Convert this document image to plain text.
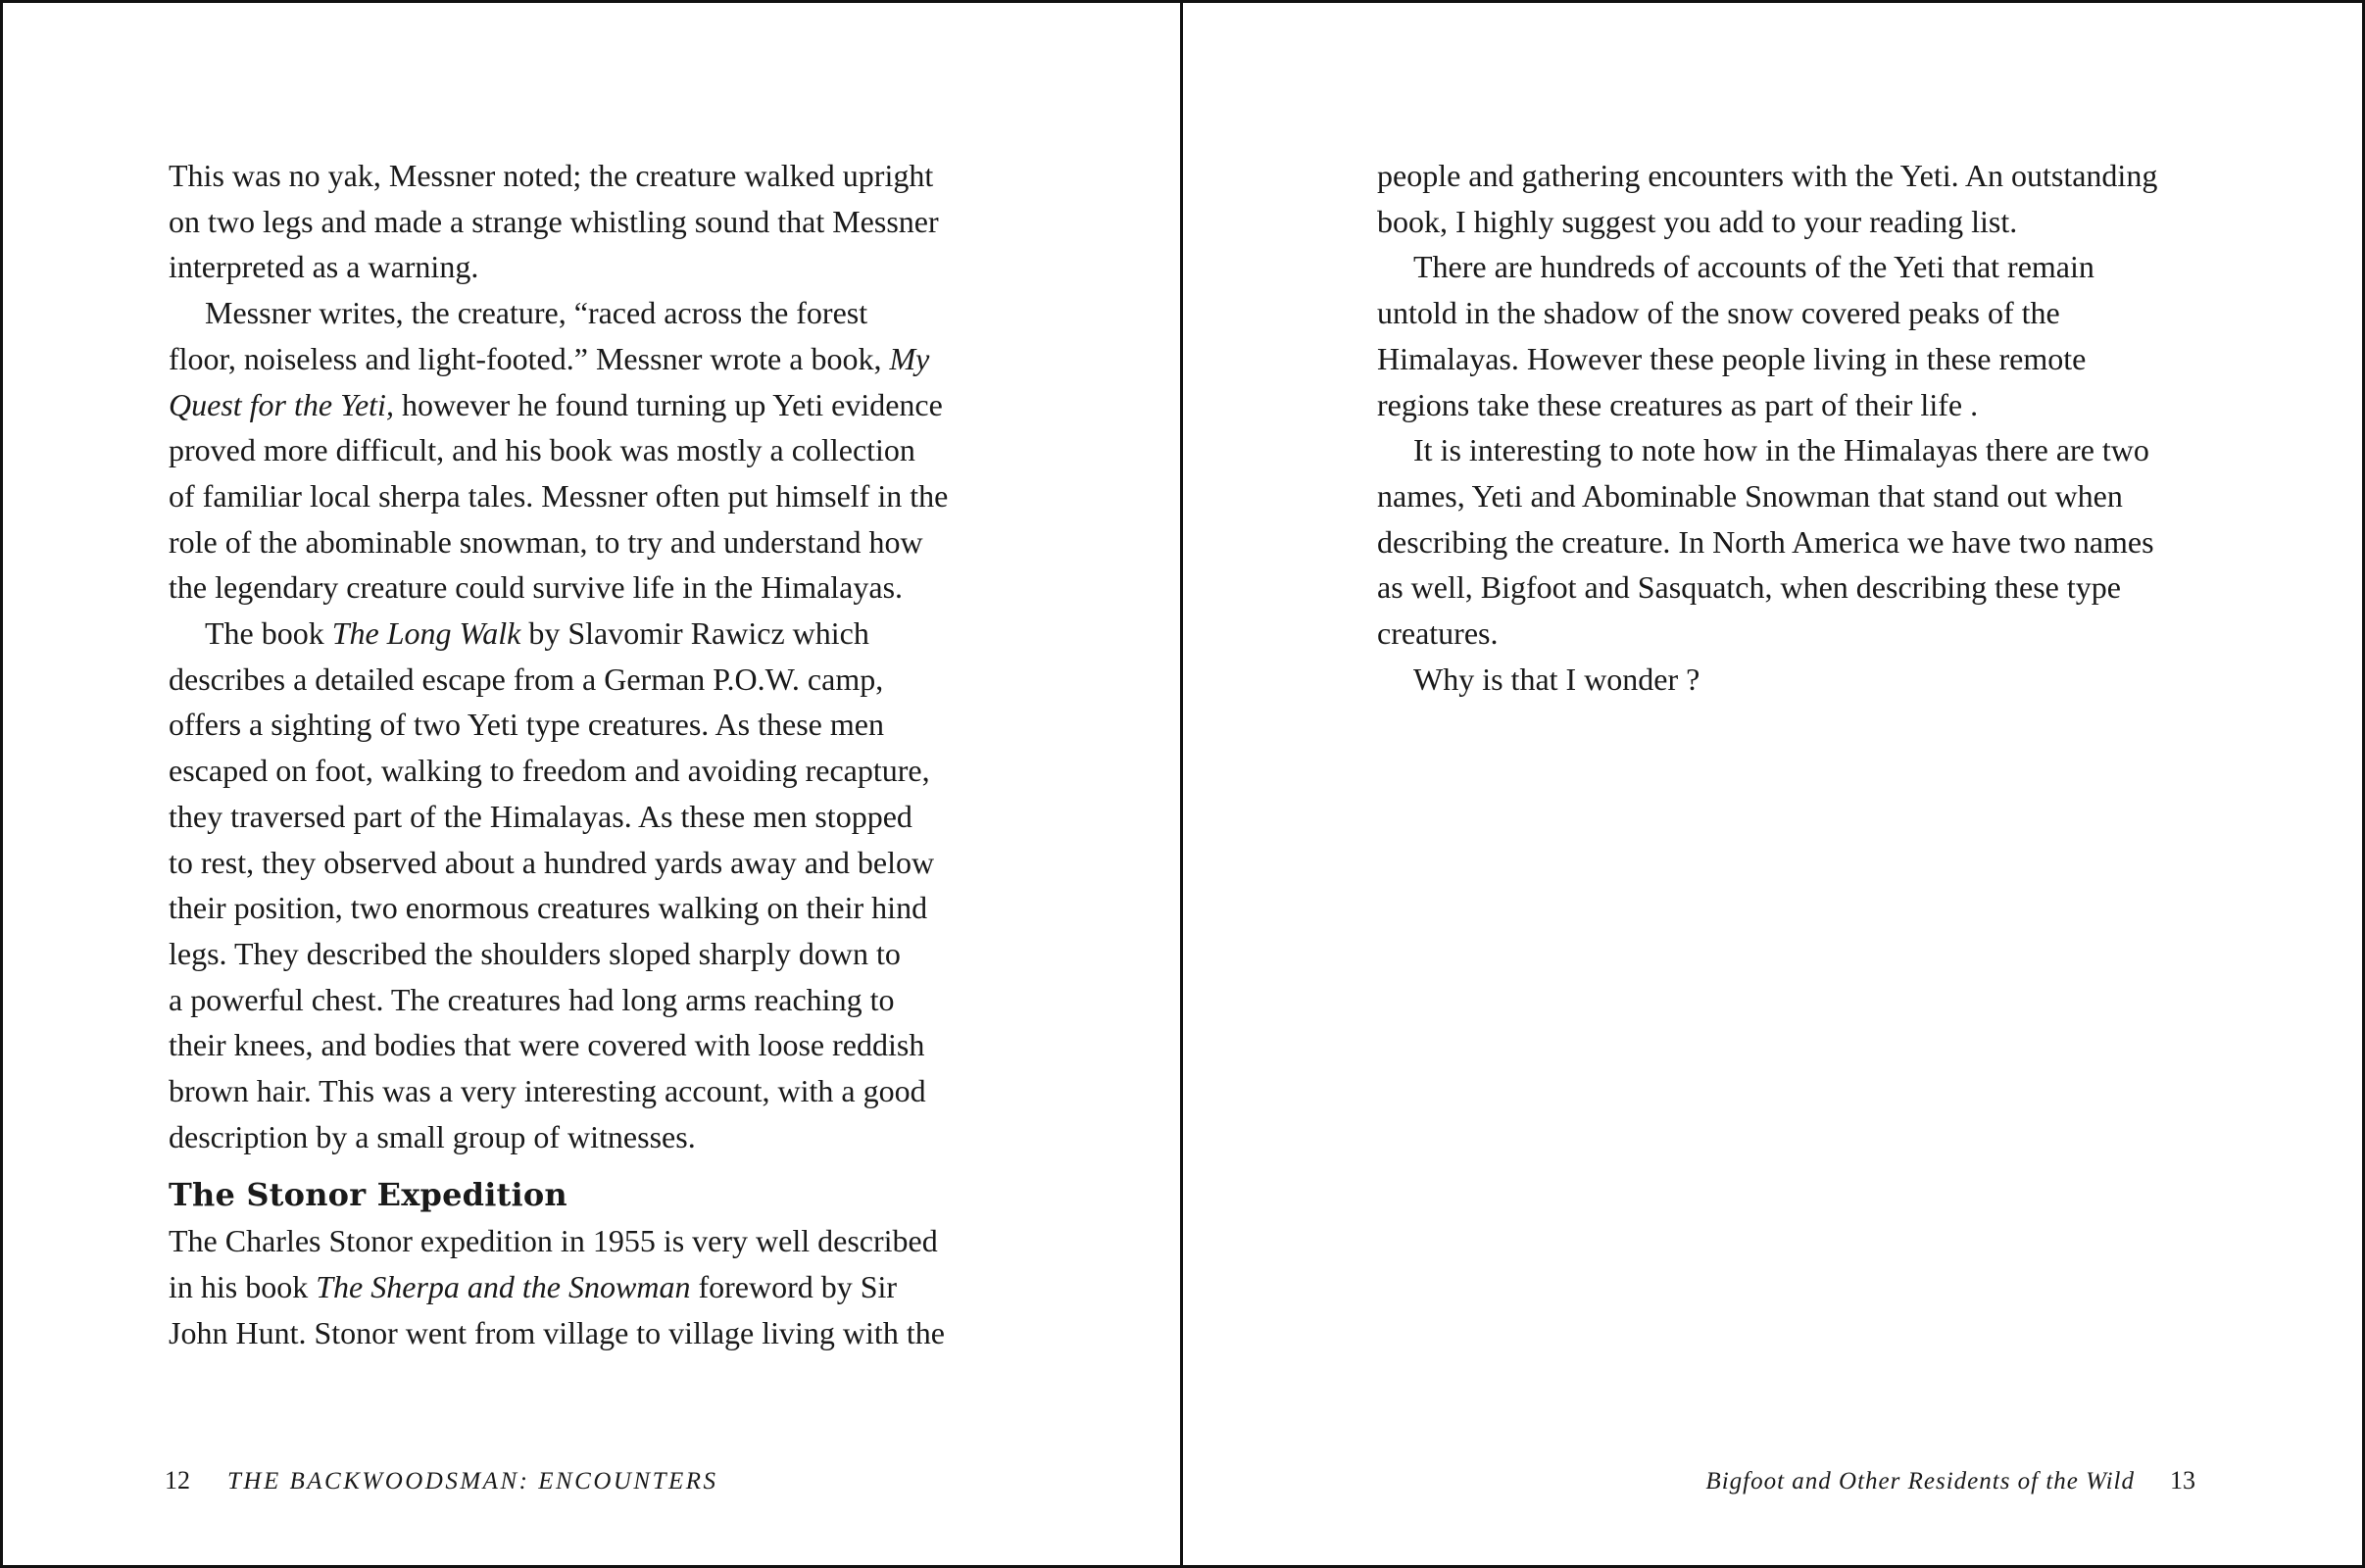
This was no yak, Messner noted; the creature walked upright
on two legs and made a strange whistling sound that Messner
interpreted as a warning.
Messner writes, the creature, “raced across the forest
floor, noiseless and light-footed.” Messner wrote a book, My
Quest for the Yeti, however he found turning up Yeti evidence
proved more difficult, and his book was mostly a collection
of familiar local sherpa tales. Messner often put himself in the
role of the abominable snowman, to try and understand how
the legendary creature could survive life in the Himalayas.
The book The Long Walk by Slavomir Rawicz which
describes a detailed escape from a German P.O.W. camp,
offers a sighting of two Yeti type creatures. As these men
escaped on foot, walking to freedom and avoiding recapture,
they traversed part of the Himalayas. As these men stopped
to rest, they observed about a hundred yards away and below
their position, two enormous creatures walking on their hind
legs. They described the shoulders sloped sharply down to
a powerful chest. The creatures had long arms reaching to
their knees, and bodies that were covered with loose reddish
brown hair. This was a very interesting account, with a good
description by a small group of witnesses.
The Stonor Expedition
The Charles Stonor expedition in 1955 is very well described
in his book The Sherpa and the Snowman foreword by Sir
John Hunt. Stonor went from village to village living with the
12 THE BACKWOODSMAN: ENCOUNTERS
people and gathering encounters with the Yeti. An outstanding
book, I highly suggest you add to your reading list.
There are hundreds of accounts of the Yeti that remain
untold in the shadow of the snow covered peaks of the
Himalayas. However these people living in these remote
regions take these creatures as part of their life .
It is interesting to note how in the Himalayas there are two
names, Yeti and Abominable Snowman that stand out when
describing the creature. In North America we have two names
as well, Bigfoot and Sasquatch, when describing these type
creatures.
Why is that I wonder ?
Bigfoot and Other Residents of the Wild 13
